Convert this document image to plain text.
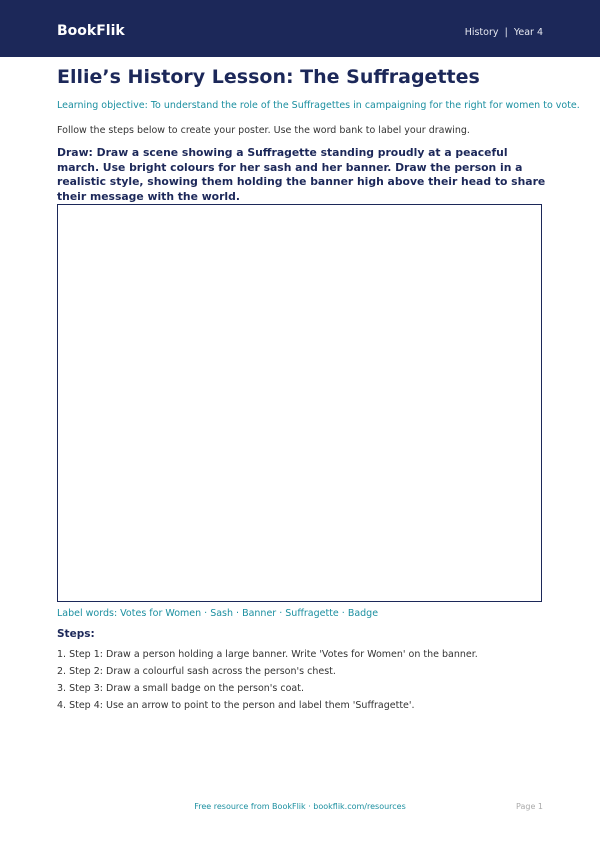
BookFlik	History | Year 4
Ellie’s History Lesson: The Suffragettes
Learning objective: To understand the role of the Suffragettes in campaigning for the right for women to vote.
Follow the steps below to create your poster. Use the word bank to label your drawing.
Draw: Draw a scene showing a Suffragette standing proudly at a peaceful march. Use bright colours for her sash and her banner. Draw the person in a realistic style, showing them holding the banner high above their head to share their message with the world.
Label words: Votes for Women · Sash · Banner · Suffragette · Badge
Steps:
1. Step 1: Draw a person holding a large banner. Write 'Votes for Women' on the banner.
2. Step 2: Draw a colourful sash across the person's chest.
3. Step 3: Draw a small badge on the person's coat.
4. Step 4: Use an arrow to point to the person and label them 'Suffragette'.
Free resource from BookFlik · bookflik.com/resources	Page 1
